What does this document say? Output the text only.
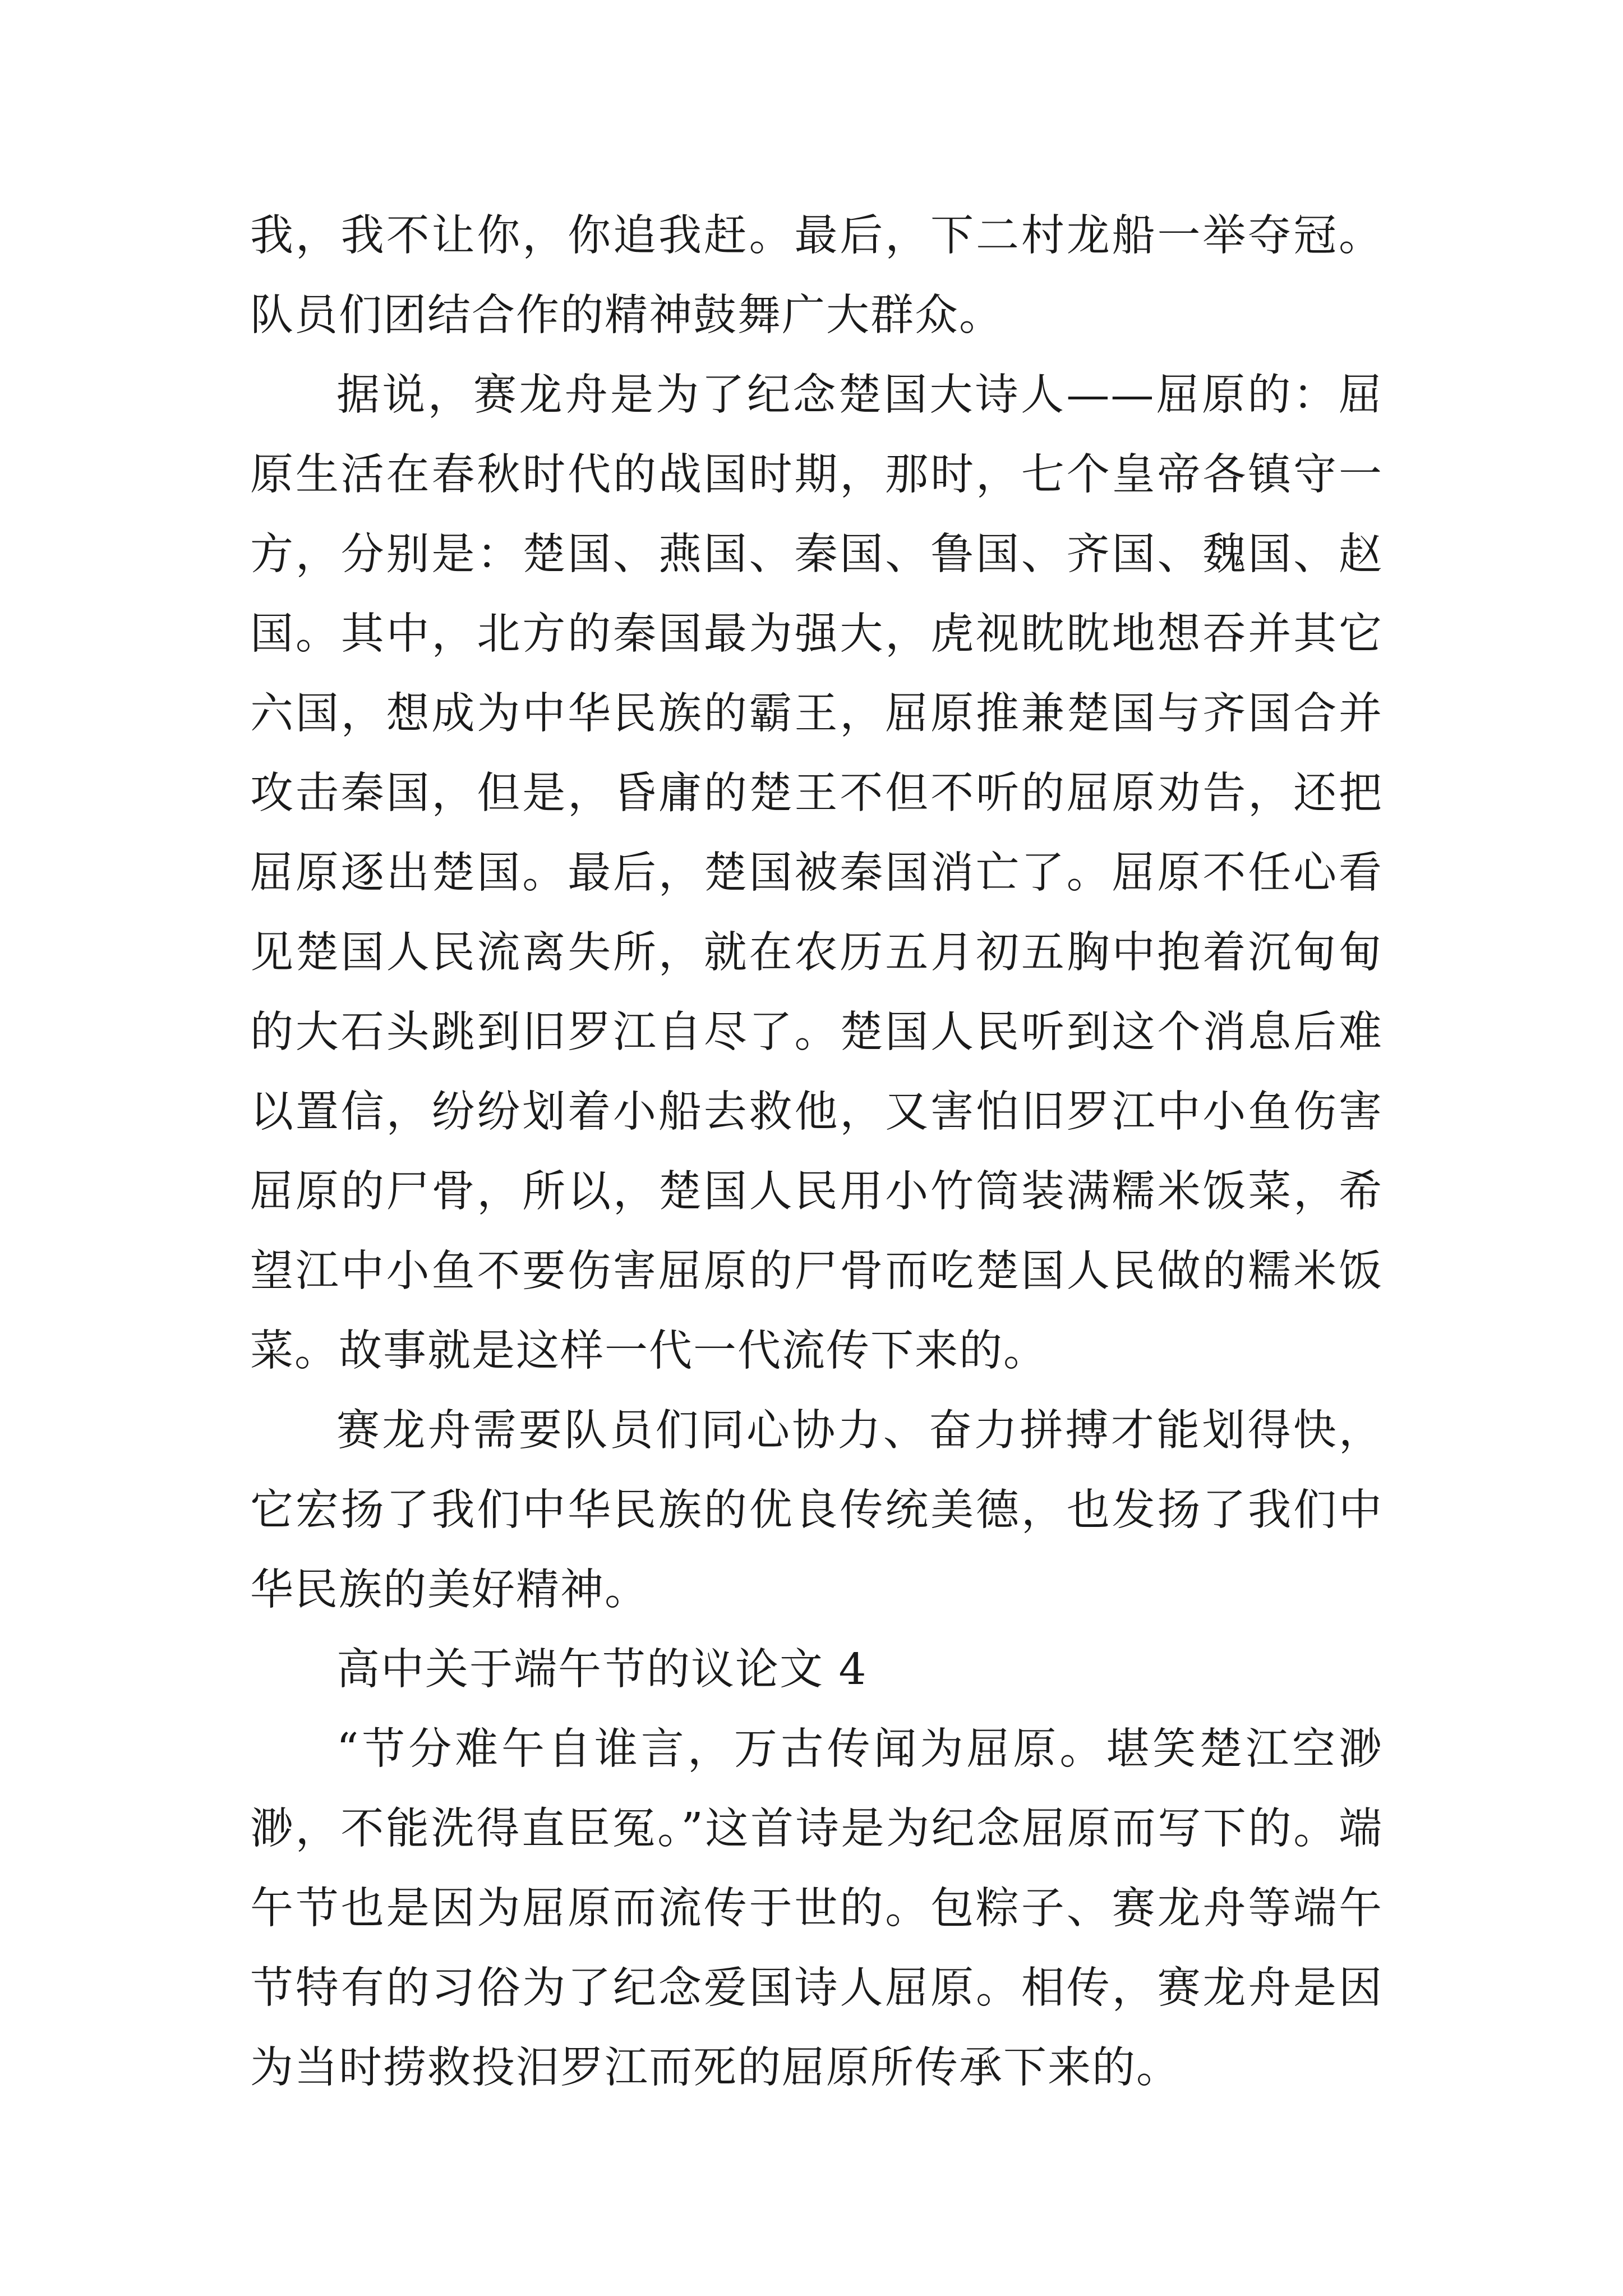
我，我不让你，你追我赶。最后，下二村龙船一举夺冠。队员们团结合作的精神鼓舞广大群众。

据说，赛龙舟是为了纪念楚国大诗人——屈原的：屈原生活在春秋时代的战国时期，那时，七个皇帝各镇守一方，分别是：楚国、燕国、秦国、鲁国、齐国、魏国、赵国。其中，北方的秦国最为强大，虎视眈眈地想吞并其它六国，想成为中华民族的霸王，屈原推兼楚国与齐国合并攻击秦国，但是，昏庸的楚王不但不听的屈原劝告，还把屈原逐出楚国。最后，楚国被秦国消亡了。屈原不任心看见楚国人民流离失所，就在农历五月初五胸中抱着沉甸甸的大石头跳到旧罗江自尽了。楚国人民听到这个消息后难以置信，纷纷划着小船去救他，又害怕旧罗江中小鱼伤害屈原的尸骨，所以，楚国人民用小竹筒装满糯米饭菜，希望江中小鱼不要伤害屈原的尸骨而吃楚国人民做的糯米饭菜。故事就是这样一代一代流传下来的。

赛龙舟需要队员们同心协力、奋力拼搏才能划得快，它宏扬了我们中华民族的优良传统美德，也发扬了我们中华民族的美好精神。

高中关于端午节的议论文 4

“节分难午自谁言，万古传闻为屈原。堪笑楚江空渺渺，不能洗得直臣冤。”这首诗是为纪念屈原而写下的。端午节也是因为屈原而流传于世的。包粽子、赛龙舟等端午节特有的习俗为了纪念爱国诗人屈原。相传，赛龙舟是因为当时捞救投汨罗江而死的屈原所传承下来的。
